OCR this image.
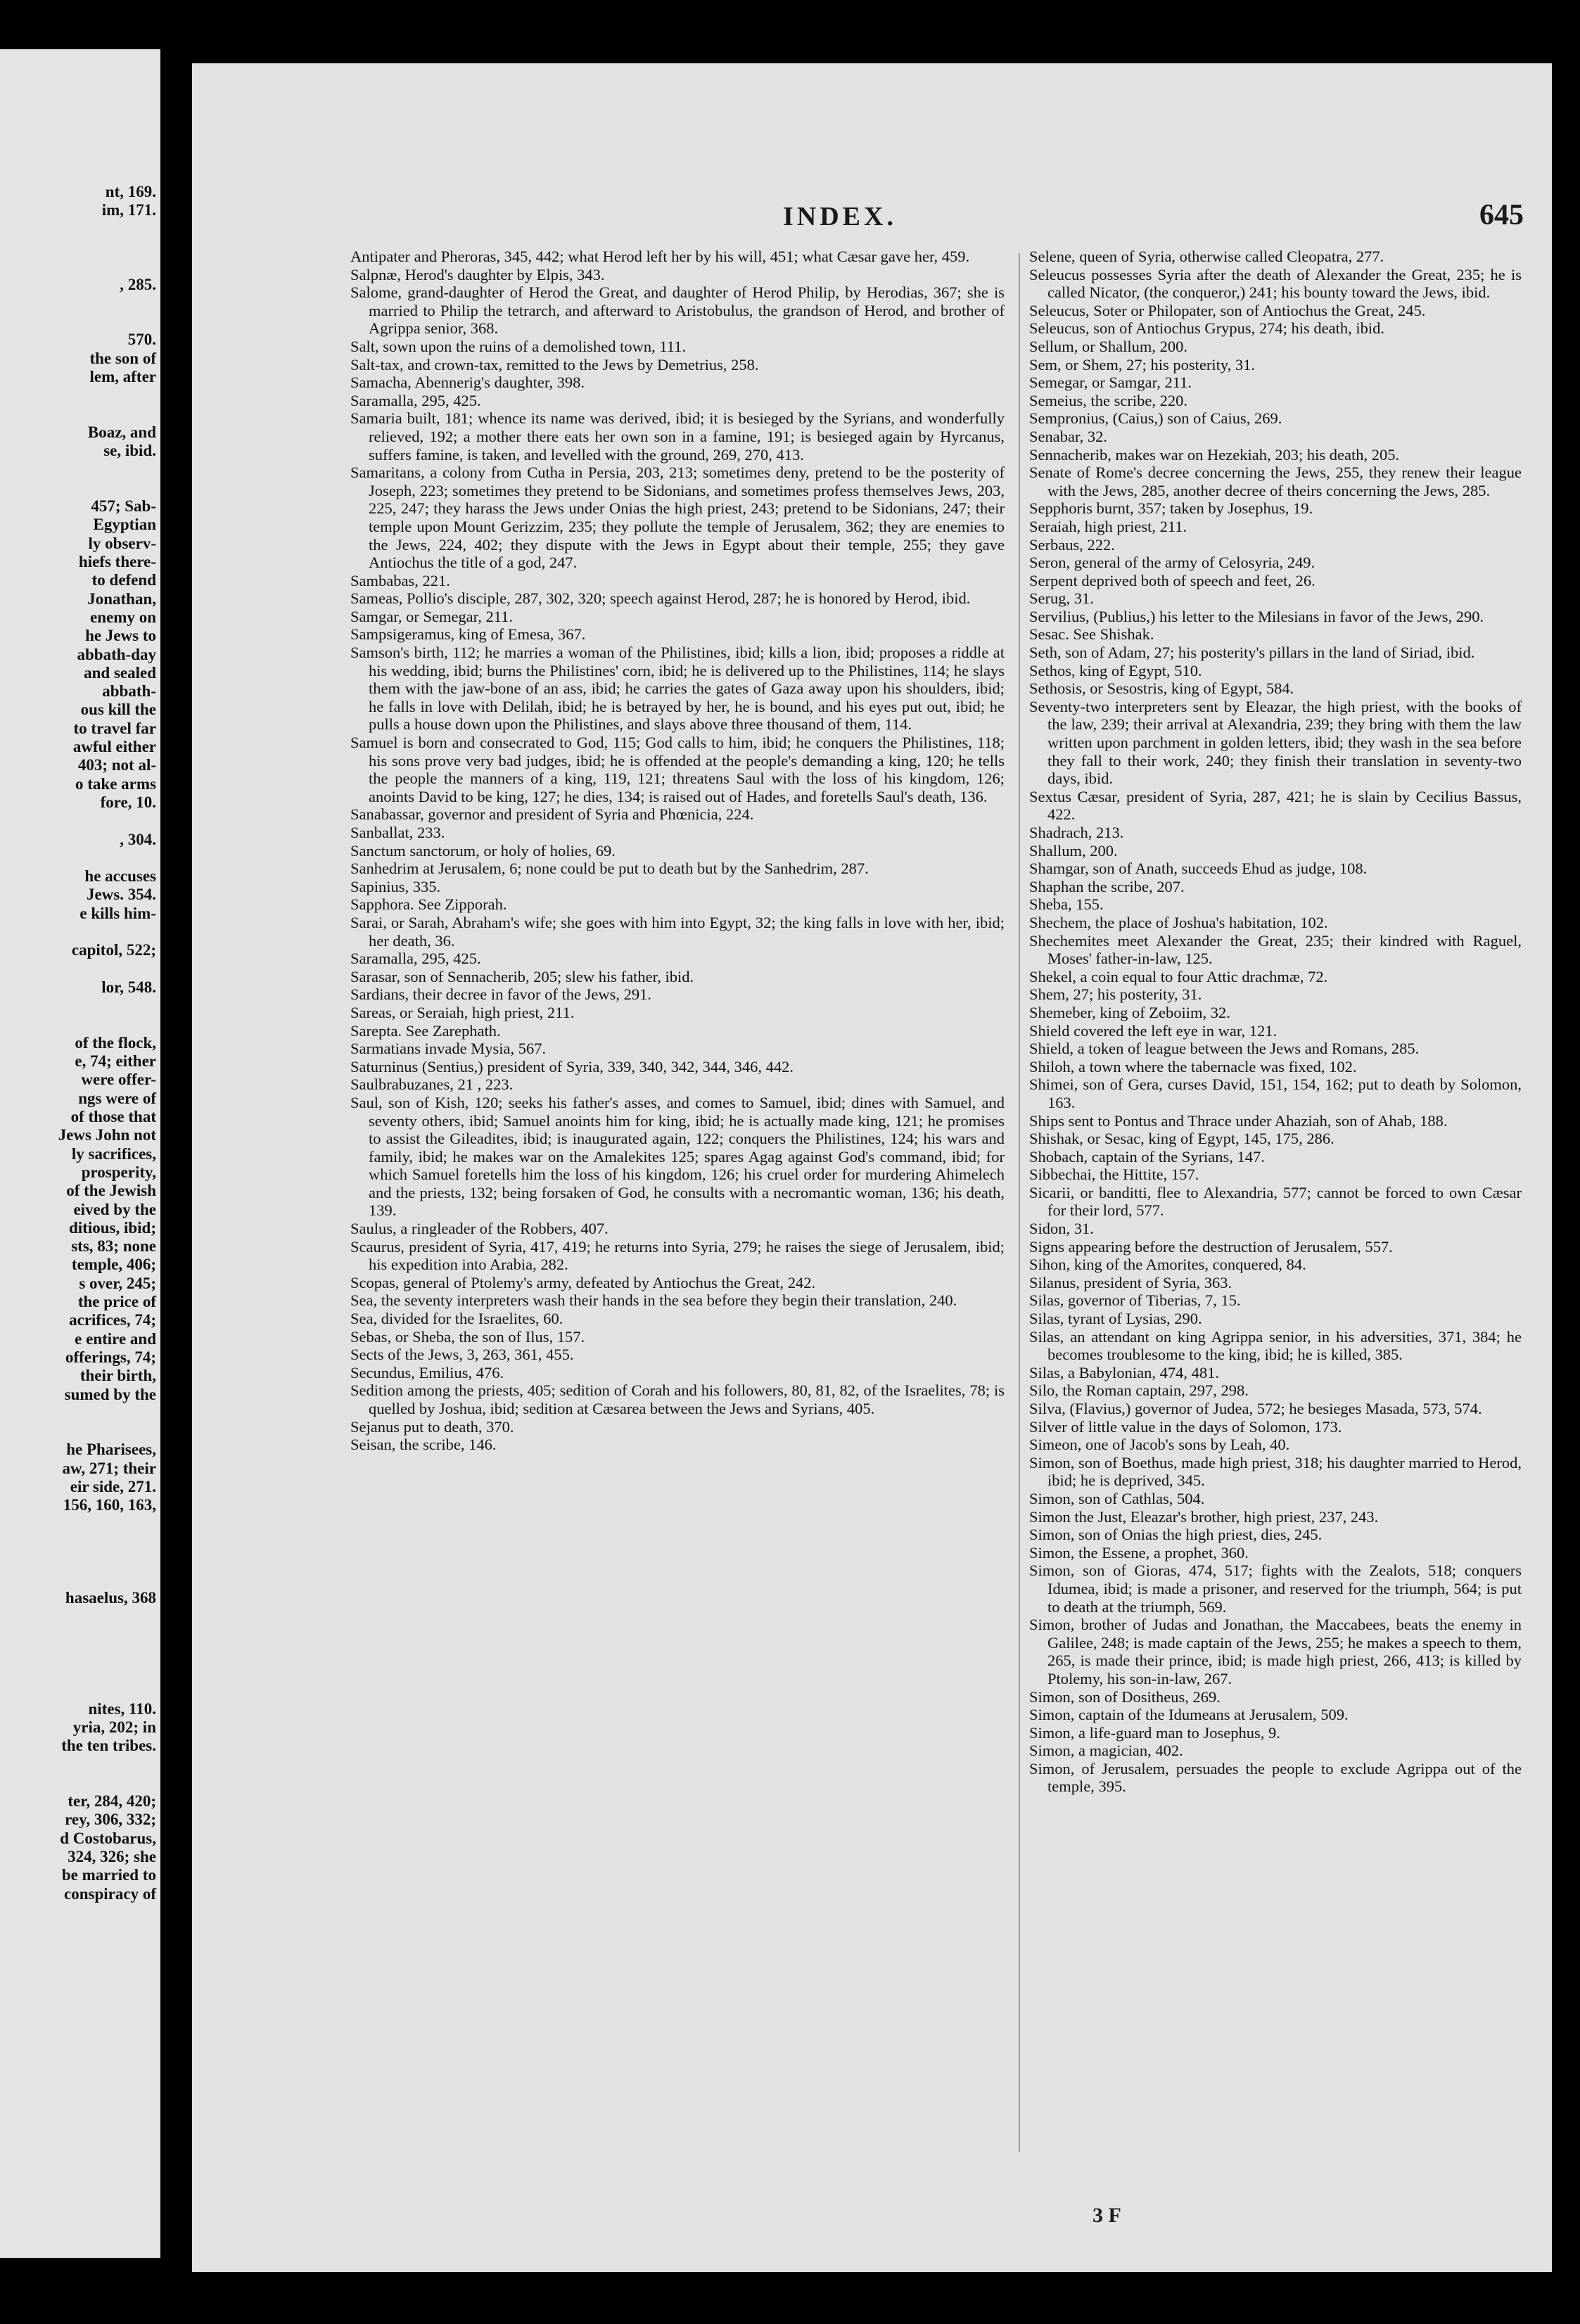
nt, 169.
im, 171.
, 285.
570.
the son of
lem, after
Boaz, and
se, ibid.
457; Sab-
Egyptian
ly observ-
hiefs there-
to defend
Jonathan,
enemy on
he Jews to
abbath-day
and sealed
abbath-
ous kill the
to travel far
awful either
403; not al-
o take arms
fore, 10.
, 304.
he accuses
Jews. 354.
e kills him-
capitol, 522;
lor, 548.
of the flock,
e, 74; either
were offer-
ngs were of
of those that
Jews John not
ly sacrifices,
prosperity,
of the Jewish
eived by the
ditious, ibid;
sts, 83; none
temple, 406;
s over, 245;
the price of
acrifices, 74;
e entire and
offerings, 74;
their birth,
sumed by the
he Pharisees,
aw, 271; their
eir side, 271.
156, 160, 163,
hasaelus, 368
nites, 110.
yria, 202; in
the ten tribes.
ter, 284, 420;
rey, 306, 332;
d Costobarus,
324, 326; she
be married to
conspiracy of
INDEX.	645

Antipater and Pheroras, 345, 442; what Herod left her by his will, 451; what Cæsar gave her, 459.

Salpnæ, Herod's daughter by Elpis, 343.

Salome, grand-daughter of Herod the Great, and daughter of Herod Philip, by Herodias, 367; she is married to Philip the tetrarch, and afterward to Aristobulus, the grandson of Herod, and brother of Agrippa senior, 368.

Salt, sown upon the ruins of a demolished town, 111.

Salt-tax, and crown-tax, remitted to the Jews by Demetrius, 258.

Samacha, Abennerig's daughter, 398.

Saramalla, 295, 425.

Samaria built, 181; whence its name was derived, ibid; it is besieged by the Syrians, and wonderfully relieved, 192; a mother there eats her own son in a famine, 191; is besieged again by Hyrcanus, suffers famine, is taken, and levelled with the ground, 269, 270, 413.

Samaritans, a colony from Cutha in Persia, 203, 213; sometimes deny, pretend to be the posterity of Joseph, 223; sometimes they pretend to be Sidonians, and sometimes profess themselves Jews, 203, 225, 247; they harass the Jews under Onias the high priest, 243; pretend to be Sidonians, 247; their temple upon Mount Gerizzim, 235; they pollute the temple of Jerusalem, 362; they are enemies to the Jews, 224, 402; they dispute with the Jews in Egypt about their temple, 255; they gave Antiochus the title of a god, 247.

Sambabas, 221.

Sameas, Pollio's disciple, 287, 302, 320; speech against Herod, 287; he is honored by Herod, ibid.

Samgar, or Semegar, 211.

Sampsigeramus, king of Emesa, 367.

Samson's birth, 112; he marries a woman of the Philistines, ibid; kills a lion, ibid; proposes a riddle at his wedding, ibid; burns the Philistines' corn, ibid; he is delivered up to the Philistines, 114; he slays them with the jaw-bone of an ass, ibid; he carries the gates of Gaza away upon his shoulders, ibid; he falls in love with Delilah, ibid; he is betrayed by her, he is bound, and his eyes put out, ibid; he pulls a house down upon the Philistines, and slays above three thousand of them, 114.

Samuel is born and consecrated to God, 115; God calls to him, ibid; he conquers the Philistines, 118; his sons prove very bad judges, ibid; he is offended at the people's demanding a king, 120; he tells the people the manners of a king, 119, 121; threatens Saul with the loss of his kingdom, 126; anoints David to be king, 127; he dies, 134; is raised out of Hades, and foretells Saul's death, 136.

Sanabassar, governor and president of Syria and Phœnicia, 224.

Sanballat, 233.

Sanctum sanctorum, or holy of holies, 69.

Sanhedrim at Jerusalem, 6; none could be put to death but by the Sanhedrim, 287.

Sapinius, 335.

Sapphora. See Zipporah.

Sarai, or Sarah, Abraham's wife; she goes with him into Egypt, 32; the king falls in love with her, ibid; her death, 36.

Saramalla, 295, 425.

Sarasar, son of Sennacherib, 205; slew his father, ibid.

Sardians, their decree in favor of the Jews, 291.

Sareas, or Seraiah, high priest, 211.

Sarepta. See Zarephath.

Sarmatians invade Mysia, 567.

Saturninus (Sentius,) president of Syria, 339, 340, 342, 344, 346, 442.

Saulbrabuzanes, 21 , 223.

Saul, son of Kish, 120; seeks his father's asses, and comes to Samuel, ibid; dines with Samuel, and seventy others, ibid; Samuel anoints him for king, ibid; he is actually made king, 121; he promises to assist the Gileadites, ibid; is inaugurated again, 122; conquers the Philistines, 124; his wars and family, ibid; he makes war on the Amalekites 125; spares Agag against God's command, ibid; for which Samuel foretells him the loss of his kingdom, 126; his cruel order for murdering Ahimelech and the priests, 132; being forsaken of God, he consults with a necromantic woman, 136; his death, 139.

Saulus, a ringleader of the Robbers, 407.

Scaurus, president of Syria, 417, 419; he returns into Syria, 279; he raises the siege of Jerusalem, ibid; his expedition into Arabia, 282.

Scopas, general of Ptolemy's army, defeated by Antiochus the Great, 242.

Sea, the seventy interpreters wash their hands in the sea before they begin their translation, 240.

Sea, divided for the Israelites, 60.

Sebas, or Sheba, the son of Ilus, 157.

Sects of the Jews, 3, 263, 361, 455.

Secundus, Emilius, 476.

Sedition among the priests, 405; sedition of Corah and his followers, 80, 81, 82, of the Israelites, 78; is quelled by Joshua, ibid; sedition at Cæsarea between the Jews and Syrians, 405.

Sejanus put to death, 370.

Seisan, the scribe, 146.

Selene, queen of Syria, otherwise called Cleopatra, 277.

Seleucus possesses Syria after the death of Alexander the Great, 235; he is called Nicator, (the conqueror,) 241; his bounty toward the Jews, ibid.

Seleucus, Soter or Philopater, son of Antiochus the Great, 245.

Seleucus, son of Antiochus Grypus, 274; his death, ibid.

Sellum, or Shallum, 200.

Sem, or Shem, 27; his posterity, 31.

Semegar, or Samgar, 211.

Semeius, the scribe, 220.

Sempronius, (Caius,) son of Caius, 269.

Senabar, 32.

Sennacherib, makes war on Hezekiah, 203; his death, 205.

Senate of Rome's decree concerning the Jews, 255, they renew their league with the Jews, 285, another decree of theirs concerning the Jews, 285.

Sepphoris burnt, 357; taken by Josephus, 19.

Seraiah, high priest, 211.

Serbaus, 222.

Seron, general of the army of Celosyria, 249.

Serpent deprived both of speech and feet, 26.

Serug, 31.

Servilius, (Publius,) his letter to the Milesians in favor of the Jews, 290.

Sesac. See Shishak.

Seth, son of Adam, 27; his posterity's pillars in the land of Siriad, ibid.

Sethos, king of Egypt, 510.

Sethosis, or Sesostris, king of Egypt, 584.

Seventy-two interpreters sent by Eleazar, the high priest, with the books of the law, 239; their arrival at Alexandria, 239; they bring with them the law written upon parchment in golden letters, ibid; they wash in the sea before they fall to their work, 240; they finish their translation in seventy-two days, ibid.

Sextus Cæsar, president of Syria, 287, 421; he is slain by Cecilius Bassus, 422.

Shadrach, 213.

Shallum, 200.

Shamgar, son of Anath, succeeds Ehud as judge, 108.

Shaphan the scribe, 207.

Sheba, 155.

Shechem, the place of Joshua's habitation, 102.

Shechemites meet Alexander the Great, 235; their kindred with Raguel, Moses' father-in-law, 125.

Shekel, a coin equal to four Attic drachmæ, 72.

Shem, 27; his posterity, 31.

Shemeber, king of Zeboiim, 32.

Shield covered the left eye in war, 121.

Shield, a token of league between the Jews and Romans, 285.

Shiloh, a town where the tabernacle was fixed, 102.

Shimei, son of Gera, curses David, 151, 154, 162; put to death by Solomon, 163.

Ships sent to Pontus and Thrace under Ahaziah, son of Ahab, 188.

Shishak, or Sesac, king of Egypt, 145, 175, 286.

Shobach, captain of the Syrians, 147.

Sibbechai, the Hittite, 157.

Sicarii, or banditti, flee to Alexandria, 577; cannot be forced to own Cæsar for their lord, 577.

Sidon, 31.

Signs appearing before the destruction of Jerusalem, 557.

Sihon, king of the Amorites, conquered, 84.

Silanus, president of Syria, 363.

Silas, governor of Tiberias, 7, 15.

Silas, tyrant of Lysias, 290.

Silas, an attendant on king Agrippa senior, in his adversities, 371, 384; he becomes troublesome to the king, ibid; he is killed, 385.

Silas, a Babylonian, 474, 481.

Silo, the Roman captain, 297, 298.

Silva, (Flavius,) governor of Judea, 572; he besieges Masada, 573, 574.

Silver of little value in the days of Solomon, 173.

Simeon, one of Jacob's sons by Leah, 40.

Simon, son of Boethus, made high priest, 318; his daughter married to Herod, ibid; he is deprived, 345.

Simon, son of Cathlas, 504.

Simon the Just, Eleazar's brother, high priest, 237, 243.

Simon, son of Onias the high priest, dies, 245.

Simon, the Essene, a prophet, 360.

Simon, son of Gioras, 474, 517; fights with the Zealots, 518; conquers Idumea, ibid; is made a prisoner, and reserved for the triumph, 564; is put to death at the triumph, 569.

Simon, brother of Judas and Jonathan, the Maccabees, beats the enemy in Galilee, 248; is made captain of the Jews, 255; he makes a speech to them, 265, is made their prince, ibid; is made high priest, 266, 413; is killed by Ptolemy, his son-in-law, 267.

Simon, son of Dositheus, 269.

Simon, captain of the Idumeans at Jerusalem, 509.

Simon, a life-guard man to Josephus, 9.

Simon, a magician, 402.

Simon, of Jerusalem, persuades the people to exclude Agrippa out of the temple, 395.

3 F
